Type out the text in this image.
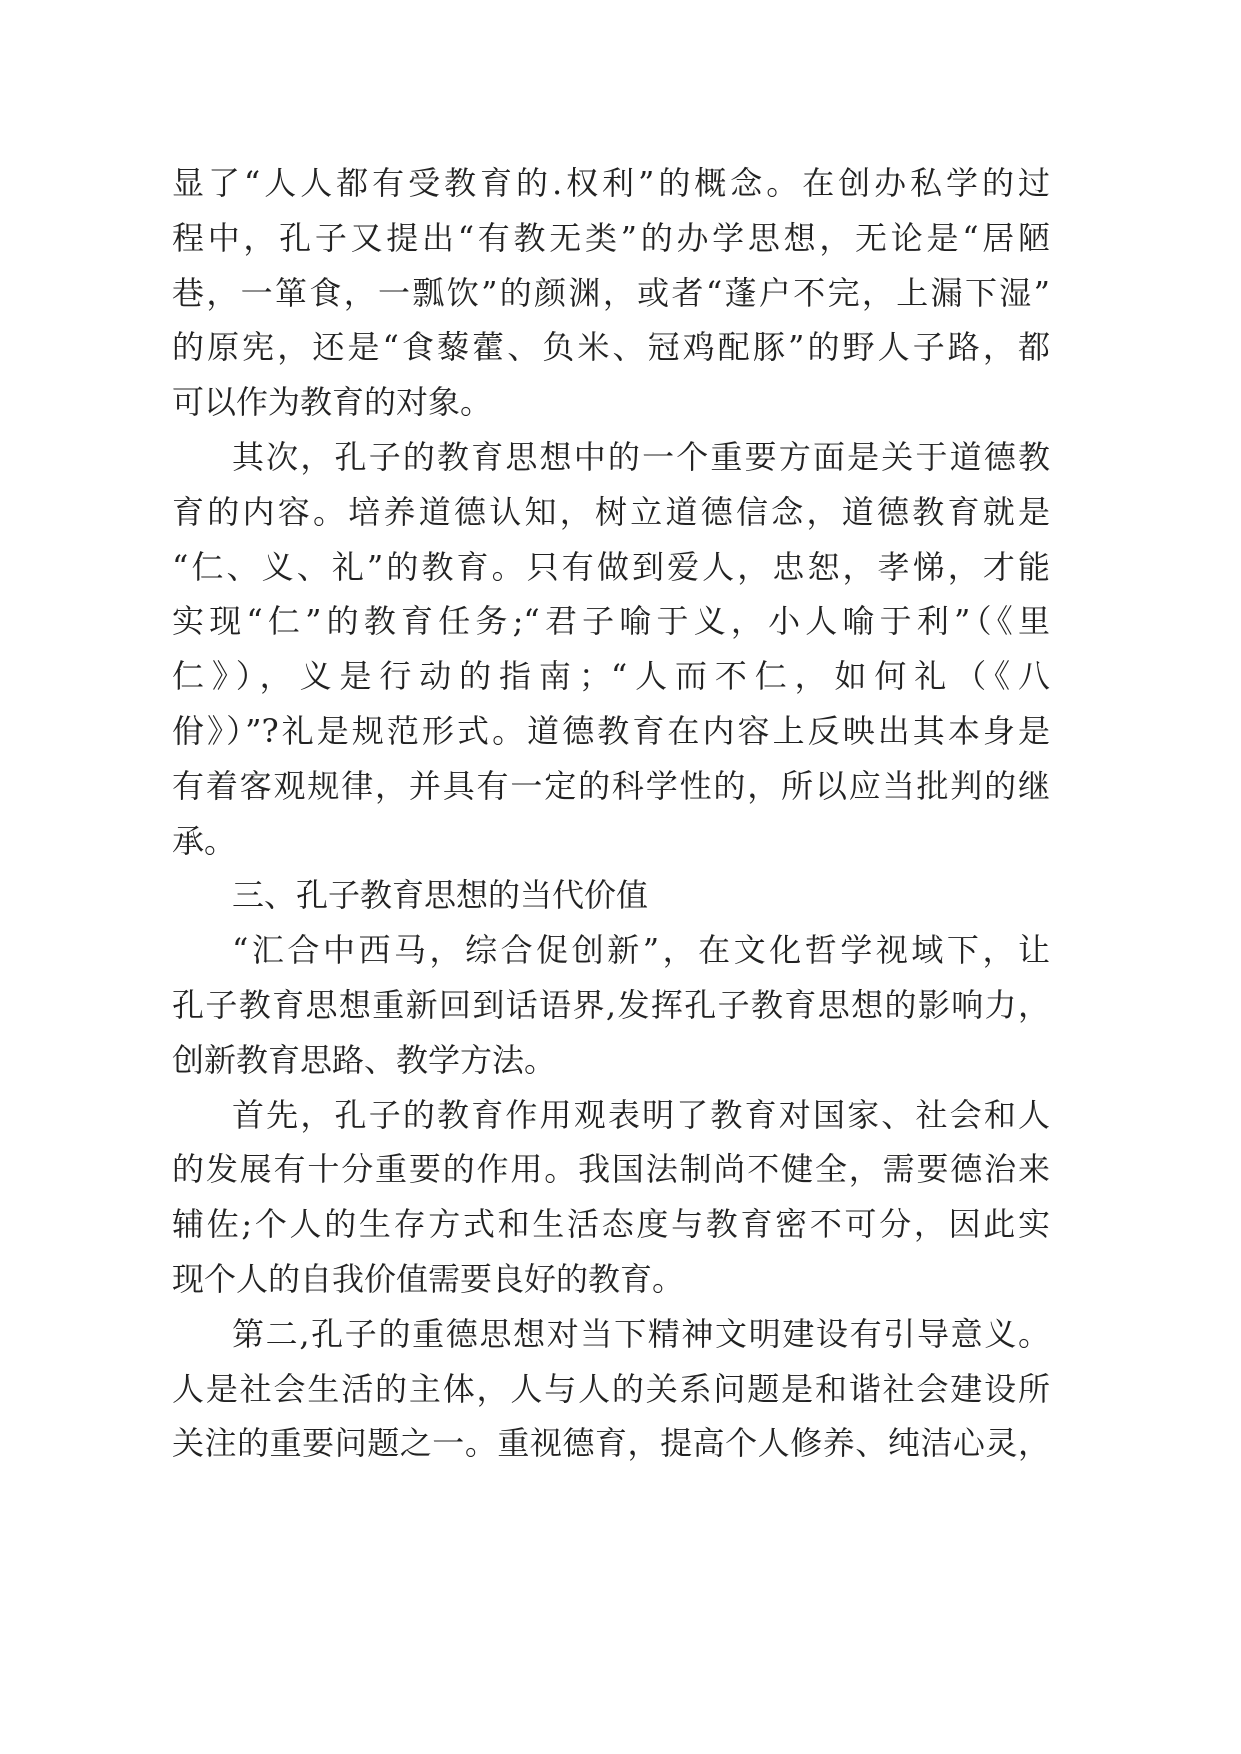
显了“人人都有受教育的.权利”的概念。在创办私学的过
程中，孔子又提出“有教无类”的办学思想，无论是“居陋
巷，一箪食，一瓢饮”的颜渊，或者“蓬户不完，上漏下湿”
的原宪，还是“食藜藿、负米、冠鸡配豚”的野人子路，都
可以作为教育的对象。
其次，孔子的教育思想中的一个重要方面是关于道德教
育的内容。培养道德认知，树立道德信念，道德教育就是
“仁、义、礼”的教育。只有做到爱人，忠恕，孝悌，才能
实现“仁”的教育任务;“君子喻于义，小人喻于利”（《里
仁》），义是行动的指南；“人而不仁，如何礼（《八
佾》）”?礼是规范形式。道德教育在内容上反映出其本身是
有着客观规律，并具有一定的科学性的，所以应当批判的继
承。
三、孔子教育思想的当代价值
“汇合中西马，综合促创新”，在文化哲学视域下，让
孔子教育思想重新回到话语界,发挥孔子教育思想的影响力，
创新教育思路、教学方法。
首先，孔子的教育作用观表明了教育对国家、社会和人
的发展有十分重要的作用。我国法制尚不健全，需要德治来
辅佐;个人的生存方式和生活态度与教育密不可分，因此实
现个人的自我价值需要良好的教育。
第二,孔子的重德思想对当下精神文明建设有引导意义。
人是社会生活的主体，人与人的关系问题是和谐社会建设所
关注的重要问题之一。重视德育，提高个人修养、纯洁心灵，
